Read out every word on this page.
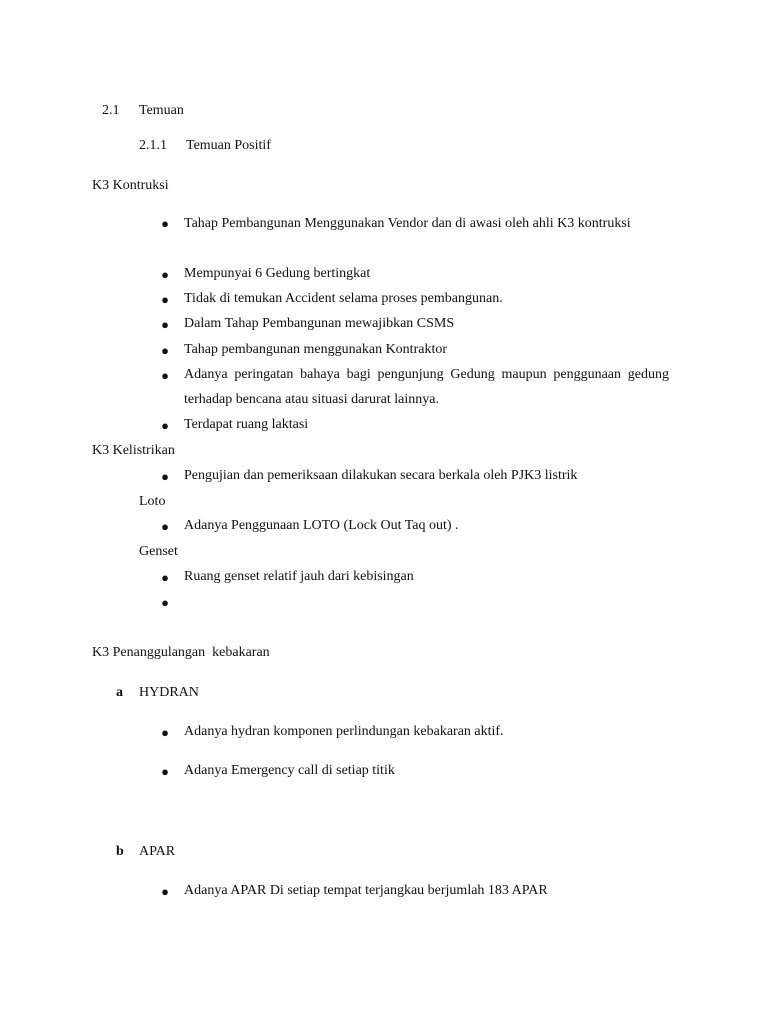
2.1 Temuan
2.1.1 Temuan Positif
K3 Kontruksi
● Tahap Pembangunan Menggunakan Vendor dan di awasi oleh ahli K3 kontruksi
● Mempunyai 6 Gedung bertingkat
● Tidak di temukan Accident selama proses pembangunan.
● Dalam Tahap Pembangunan mewajibkan CSMS
● Tahap pembangunan menggunakan Kontraktor
● Adanya peringatan bahaya bagi pengunjung Gedung maupun penggunaan gedung terhadap bencana atau situasi darurat lainnya.
● Terdapat ruang laktasi
K3 Kelistrikan
● Pengujian dan pemeriksaan dilakukan secara berkala oleh PJK3 listrik
Loto
● Adanya Penggunaan LOTO (Lock Out Taq out) .
Genset
● Ruang genset relatif jauh dari kebisingan
●
K3 Penanggulangan  kebakaran
a HYDRAN
● Adanya hydran komponen perlindungan kebakaran aktif.
● Adanya Emergency call di setiap titik
b APAR
● Adanya APAR Di setiap tempat terjangkau berjumlah 183 APAR
